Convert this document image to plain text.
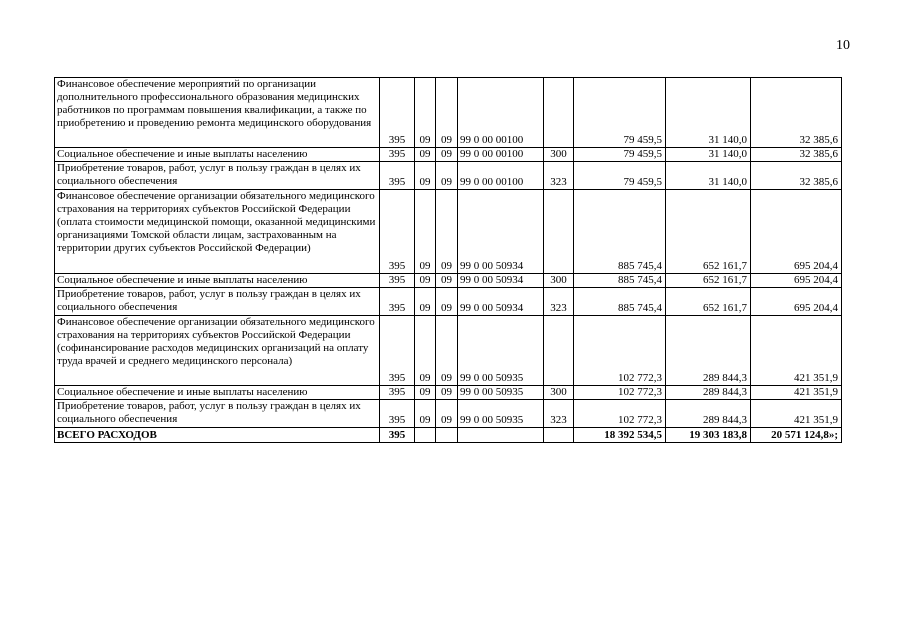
10
Финансовое обеспечение мероприятий по организации дополнительного профессионального образования медицинских работников по программам повышения квалификации, а также по приобретению и проведению ремонта медицинского оборудования	395	09	09	99 0 00 00100		79 459,5	31 140,0	32 385,6
Социальное обеспечение и иные выплаты населению	395	09	09	99 0 00 00100	300	79 459,5	31 140,0	32 385,6
Приобретение товаров, работ, услуг в пользу граждан в целях их социального обеспечения	395	09	09	99 0 00 00100	323	79 459,5	31 140,0	32 385,6
Финансовое обеспечение организации обязательного медицинского страхования на территориях субъектов Российской Федерации (оплата стоимости медицинской помощи, оказанной медицинскими организациями Томской области лицам, застрахованным на территории других субъектов Российской Федерации)	395	09	09	99 0 00 50934		885 745,4	652 161,7	695 204,4
Социальное обеспечение и иные выплаты населению	395	09	09	99 0 00 50934	300	885 745,4	652 161,7	695 204,4
Приобретение товаров, работ, услуг в пользу граждан в целях их социального обеспечения	395	09	09	99 0 00 50934	323	885 745,4	652 161,7	695 204,4
Финансовое обеспечение организации обязательного медицинского страхования на территориях субъектов Российской Федерации (софинансирование расходов медицинских организаций на оплату труда врачей и среднего медицинского персонала)	395	09	09	99 0 00 50935		102 772,3	289 844,3	421 351,9
Социальное обеспечение и иные выплаты населению	395	09	09	99 0 00 50935	300	102 772,3	289 844,3	421 351,9
Приобретение товаров, работ, услуг в пользу граждан в целях их социального обеспечения	395	09	09	99 0 00 50935	323	102 772,3	289 844,3	421 351,9
ВСЕГО РАСХОДОВ	395					18 392 534,5	19 303 183,8	20 571 124,8»;
